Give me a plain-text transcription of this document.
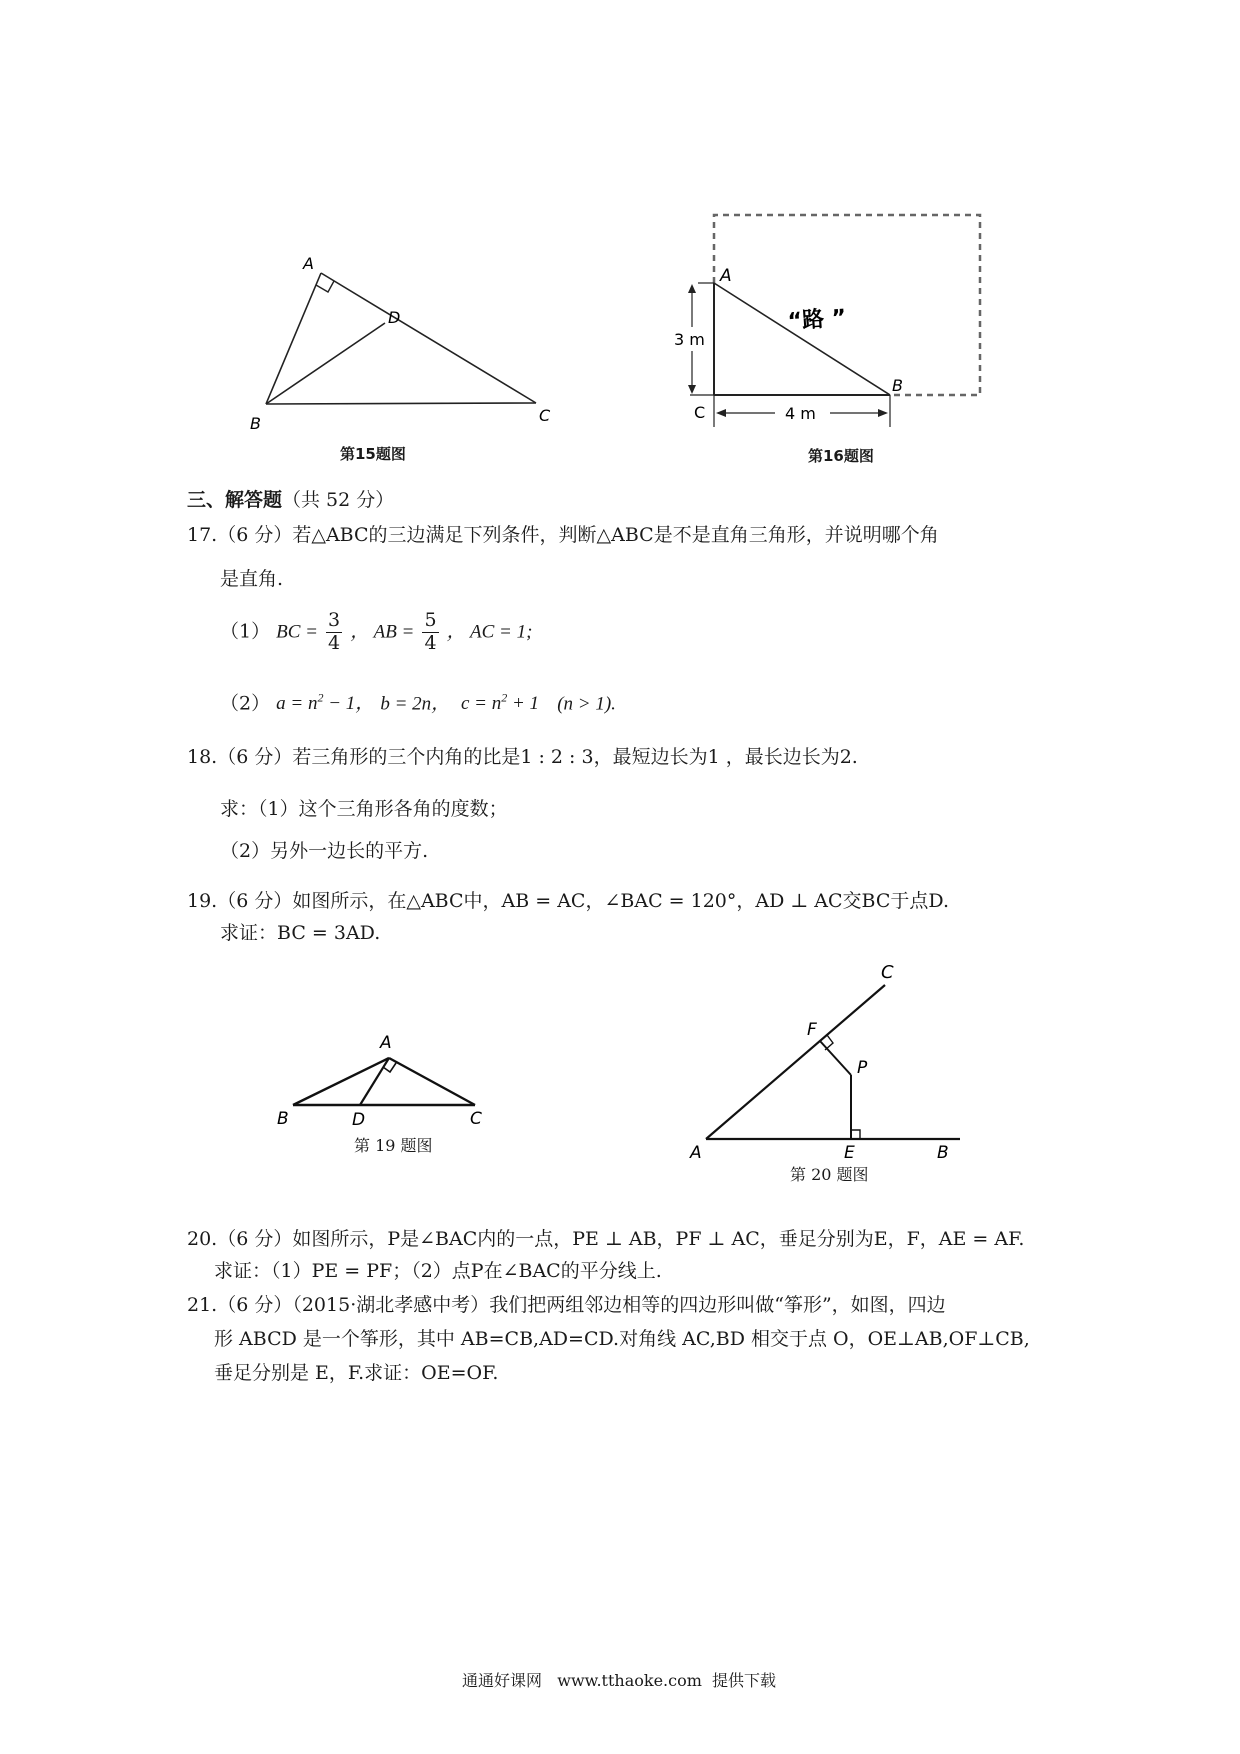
A
D
B	C
第15题图
A
B
C
“路 ”
3 m
4 m
第16题图
三、解答题（共 52 分）
17.（6 分）若△ABC的三边满足下列条件，判断△ABC是不是直角三角形，并说明哪个角
是直角.
（1） BC = $\frac{3}{4}$ ， AB = $\frac{5}{4}$ ， AC = 1;
（2） $a = n^2 - 1$， b = 2n， $c = n^2 + 1$ (n > 1).
18.（6 分）若三角形的三个内角的比是1 : 2 : 3，最短边长为1 ，最长边长为2.
求：（1）这个三角形各角的度数；
（2）另外一边长的平方.
19.（6 分）如图所示，在△ABC中，AB = AC，∠BAC = 120°，AD ⊥ AC交BC于点D.
求证：BC = 3AD.
A
B	D	C
第 19 题图
C
F
P
A	E	B
第 20 题图
20.（6 分）如图所示，P是∠BAC内的一点，PE ⊥ AB，PF ⊥ AC，垂足分别为E，F，AE = AF.
求证：（1）PE = PF；（2）点P在∠BAC的平分线上.
21.（6 分）（2015·湖北孝感中考）我们把两组邻边相等的四边形叫做“筝形”，如图，四边
形 ABCD 是一个筝形，其中 AB=CB,AD=CD.对角线 AC,BD 相交于点 O，OE⊥AB,OF⊥CB,
垂足分别是 E，F.求证：OE=OF.
通通好课网   www.tthaoke.com  提供下载
